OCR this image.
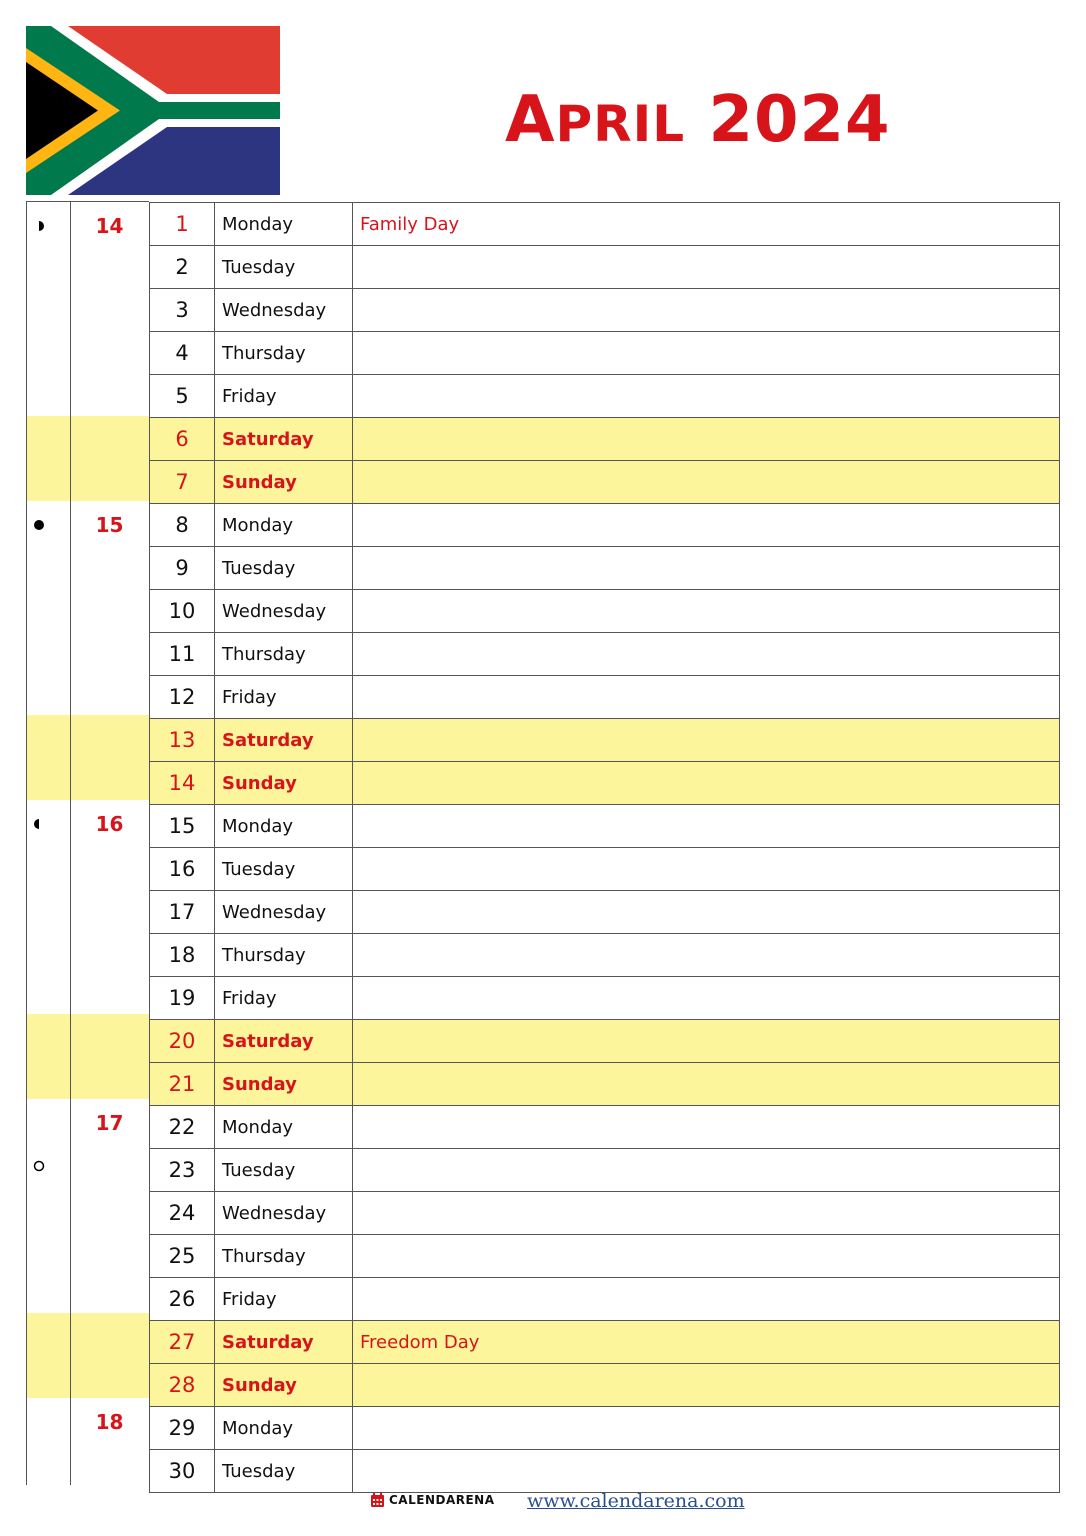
APRIL 2024
14
15
16
17
18
1	Monday	Family Day
2	Tuesday	
3	Wednesday	
4	Thursday	
5	Friday	
6	Saturday	
7	Sunday	
8	Monday	
9	Tuesday	
10	Wednesday	
11	Thursday	
12	Friday	
13	Saturday	
14	Sunday	
15	Monday	
16	Tuesday	
17	Wednesday	
18	Thursday	
19	Friday	
20	Saturday	
21	Sunday	
22	Monday	
23	Tuesday	
24	Wednesday	
25	Thursday	
26	Friday	
27	Saturday	Freedom Day
28	Sunday	
29	Monday	
30	Tuesday	
CALENDARENA www.calendarena.com
